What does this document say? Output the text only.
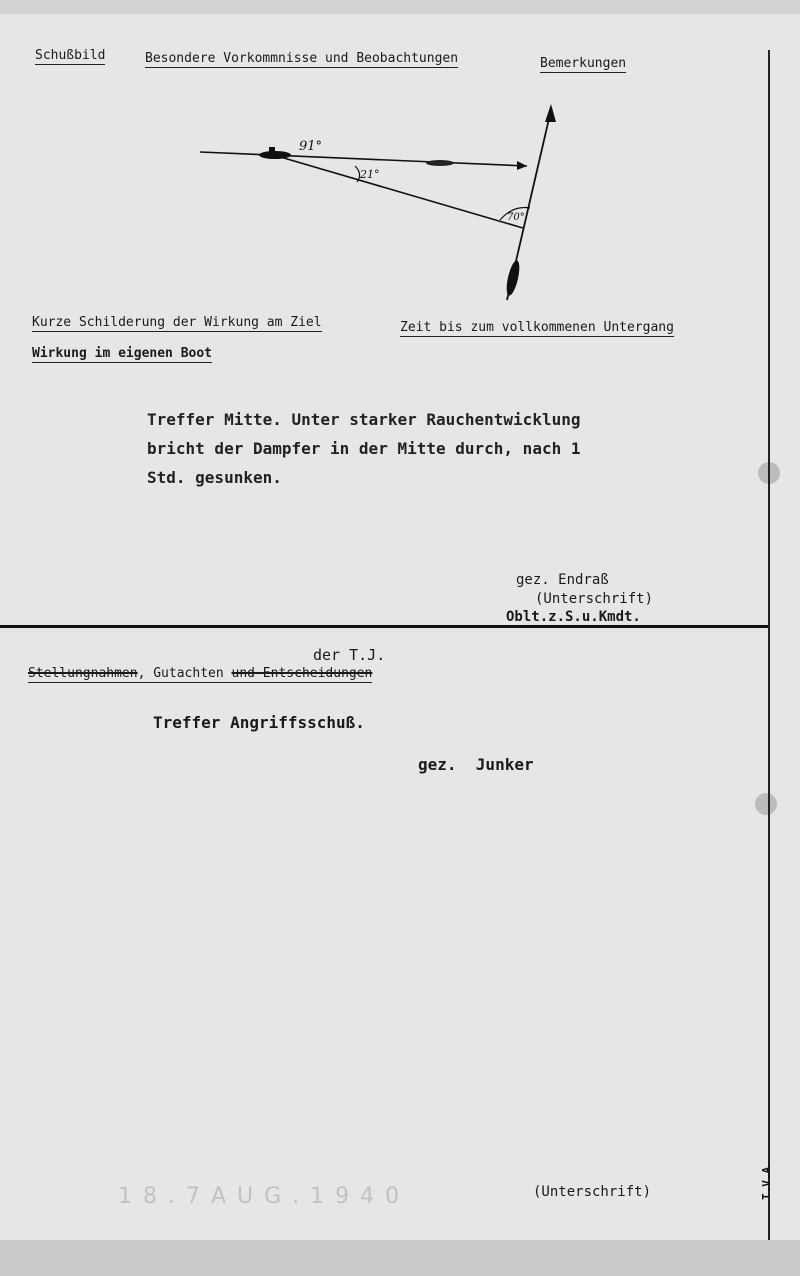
Schußbild	Besondere Vorkommnisse und Beobachtungen	Bemerkungen
91°
21°
70°
Kurze Schilderung der Wirkung am Ziel	Zeit bis zum vollkommenen Untergang
Wirkung im eigenen Boot
Treffer Mitte. Unter starker Rauchentwicklung
bricht der Dampfer in der Mitte durch, nach 1
Std. gesunken.
gez. Endraß
(Unterschrift)
Oblt.z.S.u.Kmdt.
der T.J.
Stellungnahmen, Gutachten und Entscheidungen
Treffer Angriffsschuß.
gez.  Junker
(Unterschrift)
1 8 . 7 A U G . 1 9 4 0	T.V.A.
